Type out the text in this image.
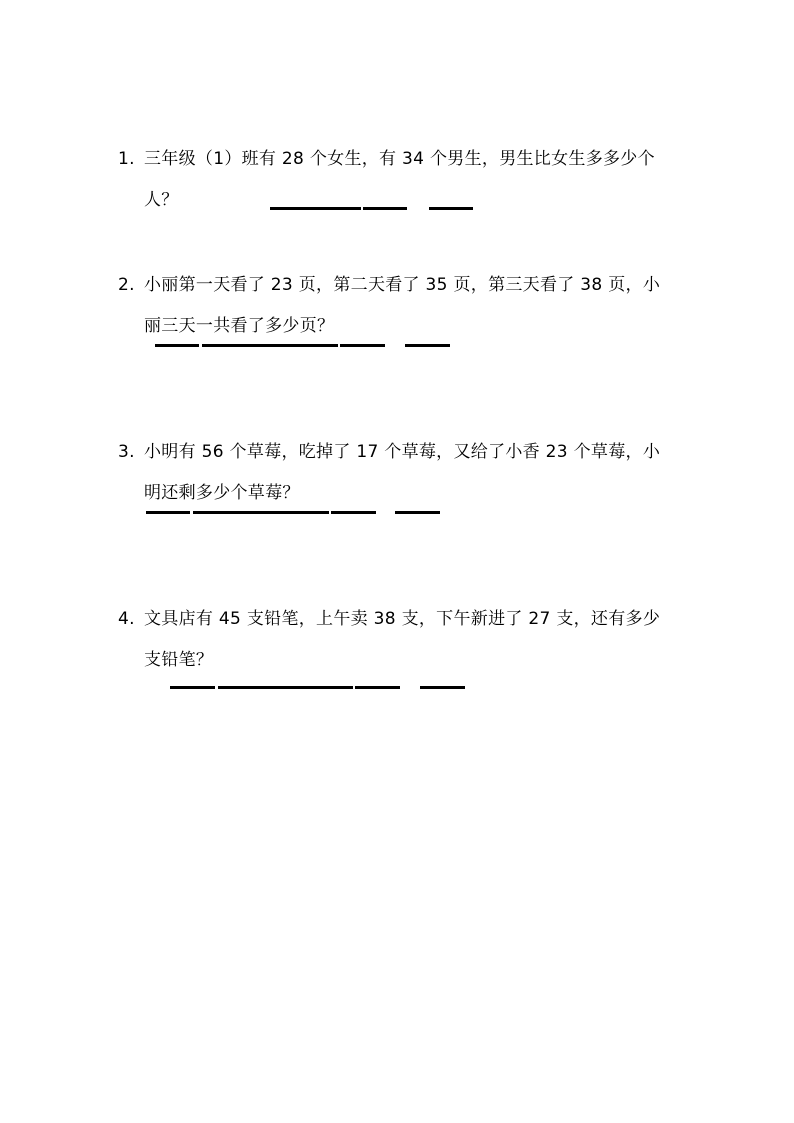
1. 三年级（1）班有 28 个女生，有 34 个男生，男生比女生多多少个
人？
2. 小丽第一天看了 23 页，第二天看了 35 页，第三天看了 38 页，小
丽三天一共看了多少页？
3. 小明有 56 个草莓，吃掉了 17 个草莓，又给了小香 23 个草莓，小
明还剩多少个草莓？
4. 文具店有 45 支铅笔，上午卖 38 支，下午新进了 27 支，还有多少
支铅笔？
